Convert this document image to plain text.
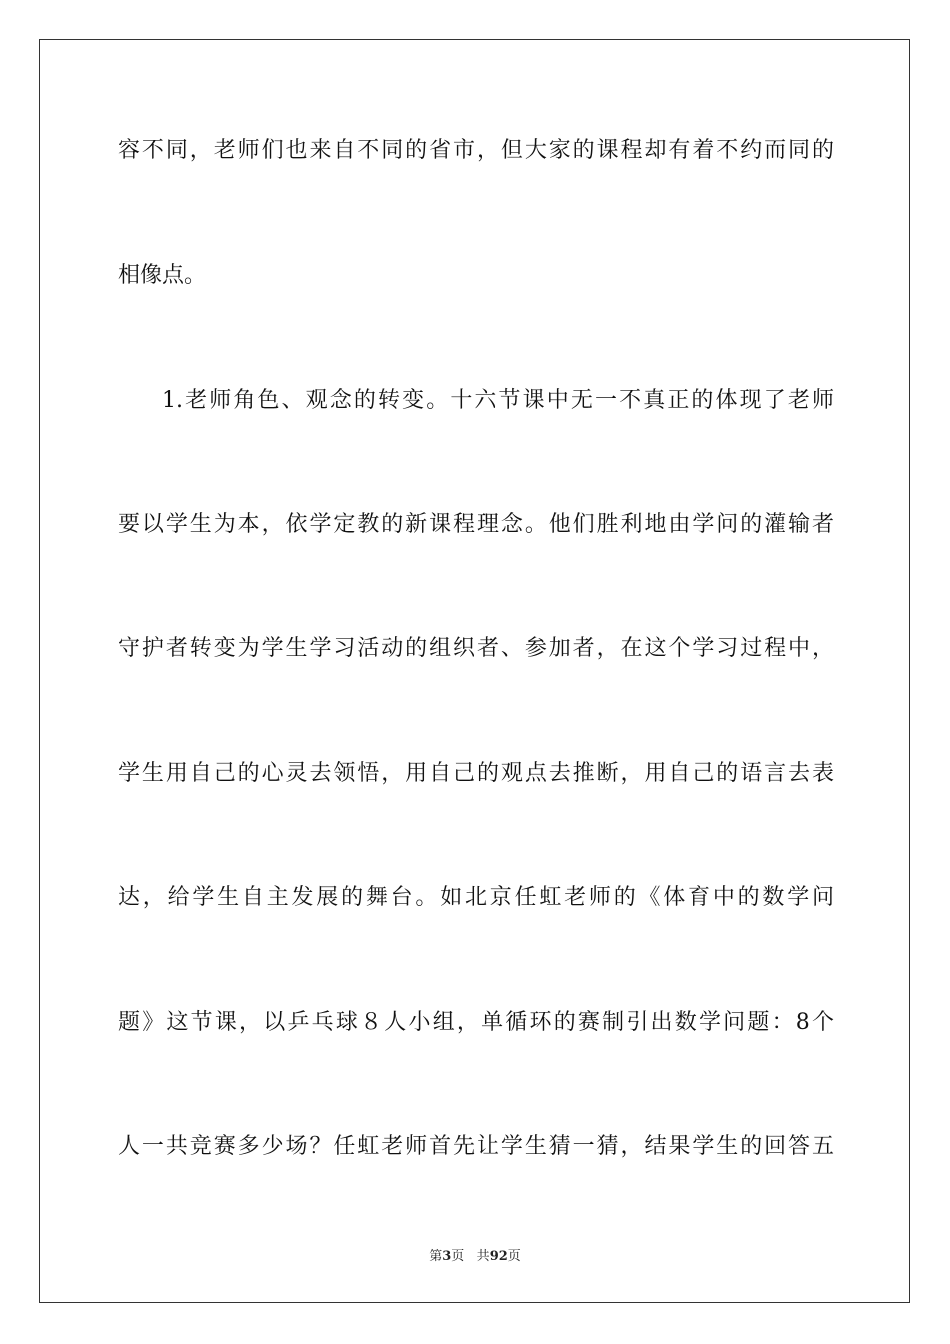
容不同，老师们也来自不同的省市，但大家的课程却有着不约而同的
相像点。
1.老师角色、观念的转变。十六节课中无一不真正的体现了老师
要以学生为本，依学定教的新课程理念。他们胜利地由学问的灌输者
守护者转变为学生学习活动的组织者、参加者，在这个学习过程中，
学生用自己的心灵去领悟，用自己的观点去推断，用自己的语言去表
达，给学生自主发展的舞台。如北京任虹老师的《体育中的数学问
题》这节课，以乒乓球８人小组，单循环的赛制引出数学问题：8个
人一共竞赛多少场？任虹老师首先让学生猜一猜，结果学生的回答五
第3页 共92页
